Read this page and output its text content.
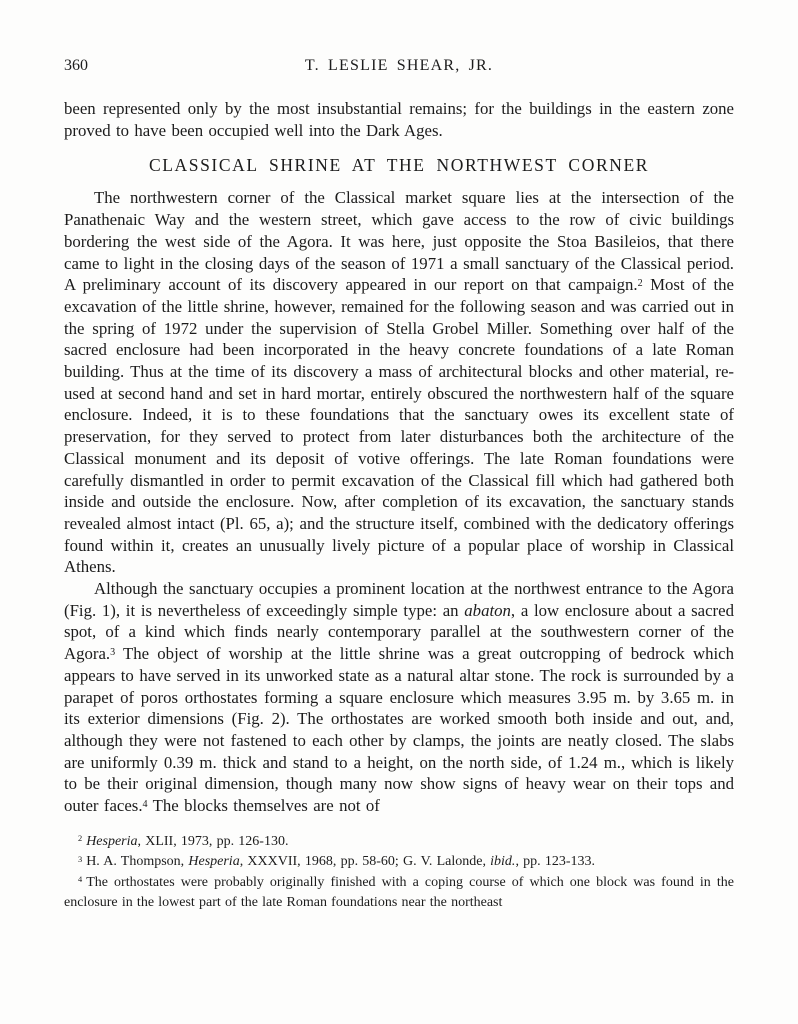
360	T. LESLIE SHEAR, JR.

been represented only by the most insubstantial remains; for the buildings in the eastern zone proved to have been occupied well into the Dark Ages.

CLASSICAL SHRINE AT THE NORTHWEST CORNER

The northwestern corner of the Classical market square lies at the intersection of the Panathenaic Way and the western street, which gave access to the row of civic buildings bordering the west side of the Agora. It was here, just opposite the Stoa Basileios, that there came to light in the closing days of the season of 1971 a small sanctuary of the Classical period. A preliminary account of its discovery appeared in our report on that campaign.$^2$ Most of the excavation of the little shrine, however, remained for the following season and was carried out in the spring of 1972 under the supervision of Stella Grobel Miller. Something over half of the sacred enclosure had been incorporated in the heavy concrete foundations of a late Roman building. Thus at the time of its discovery a mass of architectural blocks and other material, re-used at second hand and set in hard mortar, entirely obscured the northwestern half of the square enclosure. Indeed, it is to these foundations that the sanctuary owes its excellent state of preservation, for they served to protect from later disturbances both the architecture of the Classical monument and its deposit of votive offerings. The late Roman foundations were carefully dismantled in order to permit excavation of the Classical fill which had gathered both inside and outside the enclosure. Now, after completion of its excavation, the sanctuary stands revealed almost intact (Pl. 65, a); and the structure itself, combined with the dedicatory offerings found within it, creates an unusually lively picture of a popular place of worship in Classical Athens.

Although the sanctuary occupies a prominent location at the northwest entrance to the Agora (Fig. 1), it is nevertheless of exceedingly simple type: an abaton, a low enclosure about a sacred spot, of a kind which finds nearly contemporary parallel at the southwestern corner of the Agora.$^3$ The object of worship at the little shrine was a great outcropping of bedrock which appears to have served in its unworked state as a natural altar stone. The rock is surrounded by a parapet of poros orthostates forming a square enclosure which measures 3.95 m. by 3.65 m. in its exterior dimensions (Fig. 2). The orthostates are worked smooth both inside and out, and, although they were not fastened to each other by clamps, the joints are neatly closed. The slabs are uniformly 0.39 m. thick and stand to a height, on the north side, of 1.24 m., which is likely to be their original dimension, though many now show signs of heavy wear on their tops and outer faces.$^4$ The blocks themselves are not of

$^2$ Hesperia, XLII, 1973, pp. 126-130.

$^3$ H. A. Thompson, Hesperia, XXXVII, 1968, pp. 58-60; G. V. Lalonde, ibid., pp. 123-133.

$^4$ The orthostates were probably originally finished with a coping course of which one block was found in the enclosure in the lowest part of the late Roman foundations near the northeast
